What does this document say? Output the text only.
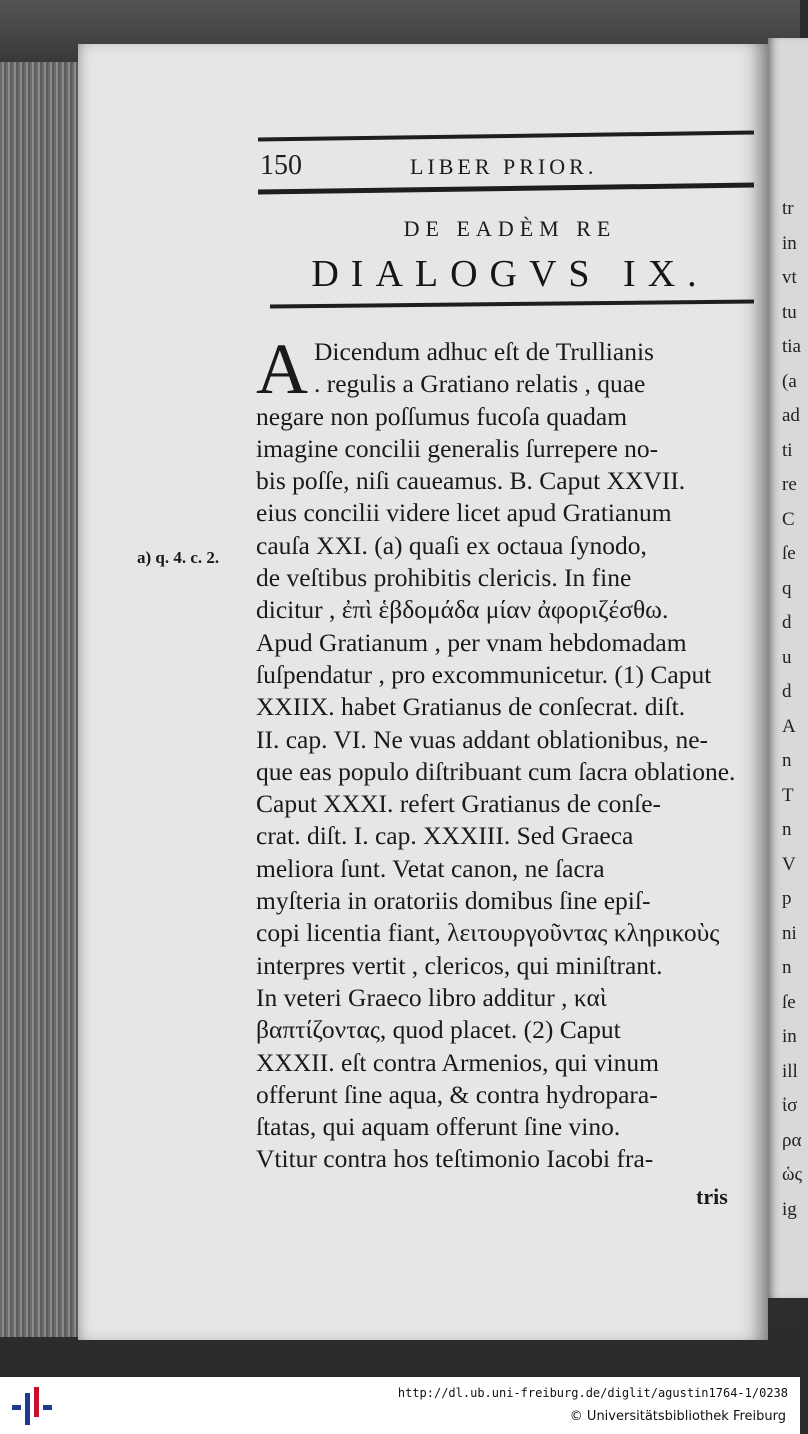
tr
in
vt
tu
tia
(a
ad
ti
re
C
ſe
q
d
u
d
A
n
T
n
V
p
ni
n
ſe
in
ill
ἰσ
ρα
ὡς
ig
150	LIBER PRIOR.
DE EADÈM RE
DIALOGVS IX.
a) q. 4. c. 2.
A Dicendum adhuc eſt de Trullianis
. regulis a Gratiano relatis , quae
negare non poſſumus fucoſa quadam
imagine concilii generalis ſurrepere no-
bis poſſe, niſi caueamus. B. Caput XXVII.
eius concilii videre licet apud Gratianum
cauſa XXI. (a) quaſi ex octaua ſynodo,
de veſtibus prohibitis clericis. In fine
dicitur , ἐπὶ ἑβδομάδα μίαν ἀφοριζέσθω.
Apud Gratianum , per vnam hebdomadam
ſuſpendatur , pro excommunicetur. (1) Caput
XXIIX. habet Gratianus de conſecrat. diſt.
II. cap. VI. Ne vuas addant oblationibus, ne-
que eas populo diſtribuant cum ſacra oblatione.
Caput XXXI. refert Gratianus de conſe-
crat. diſt. I. cap. XXXIII. Sed Graeca
meliora ſunt. Vetat canon, ne ſacra
myſteria in oratoriis domibus ſine epiſ-
copi licentia fiant, λειτουργοῦντας κληρικοὺς
interpres vertit , clericos, qui miniſtrant.
In veteri Graeco libro additur , καὶ
βαπτίζοντας, quod placet. (2) Caput
XXXII. eſt contra Armenios, qui vinum
offerunt ſine aqua, & contra hydropara-
ſtatas, qui aquam offerunt ſine vino.
Vtitur contra hos teſtimonio Iacobi fra-
tris
http://dl.ub.uni-freiburg.de/diglit/agustin1764-1/0238
© Universitätsbibliothek Freiburg
